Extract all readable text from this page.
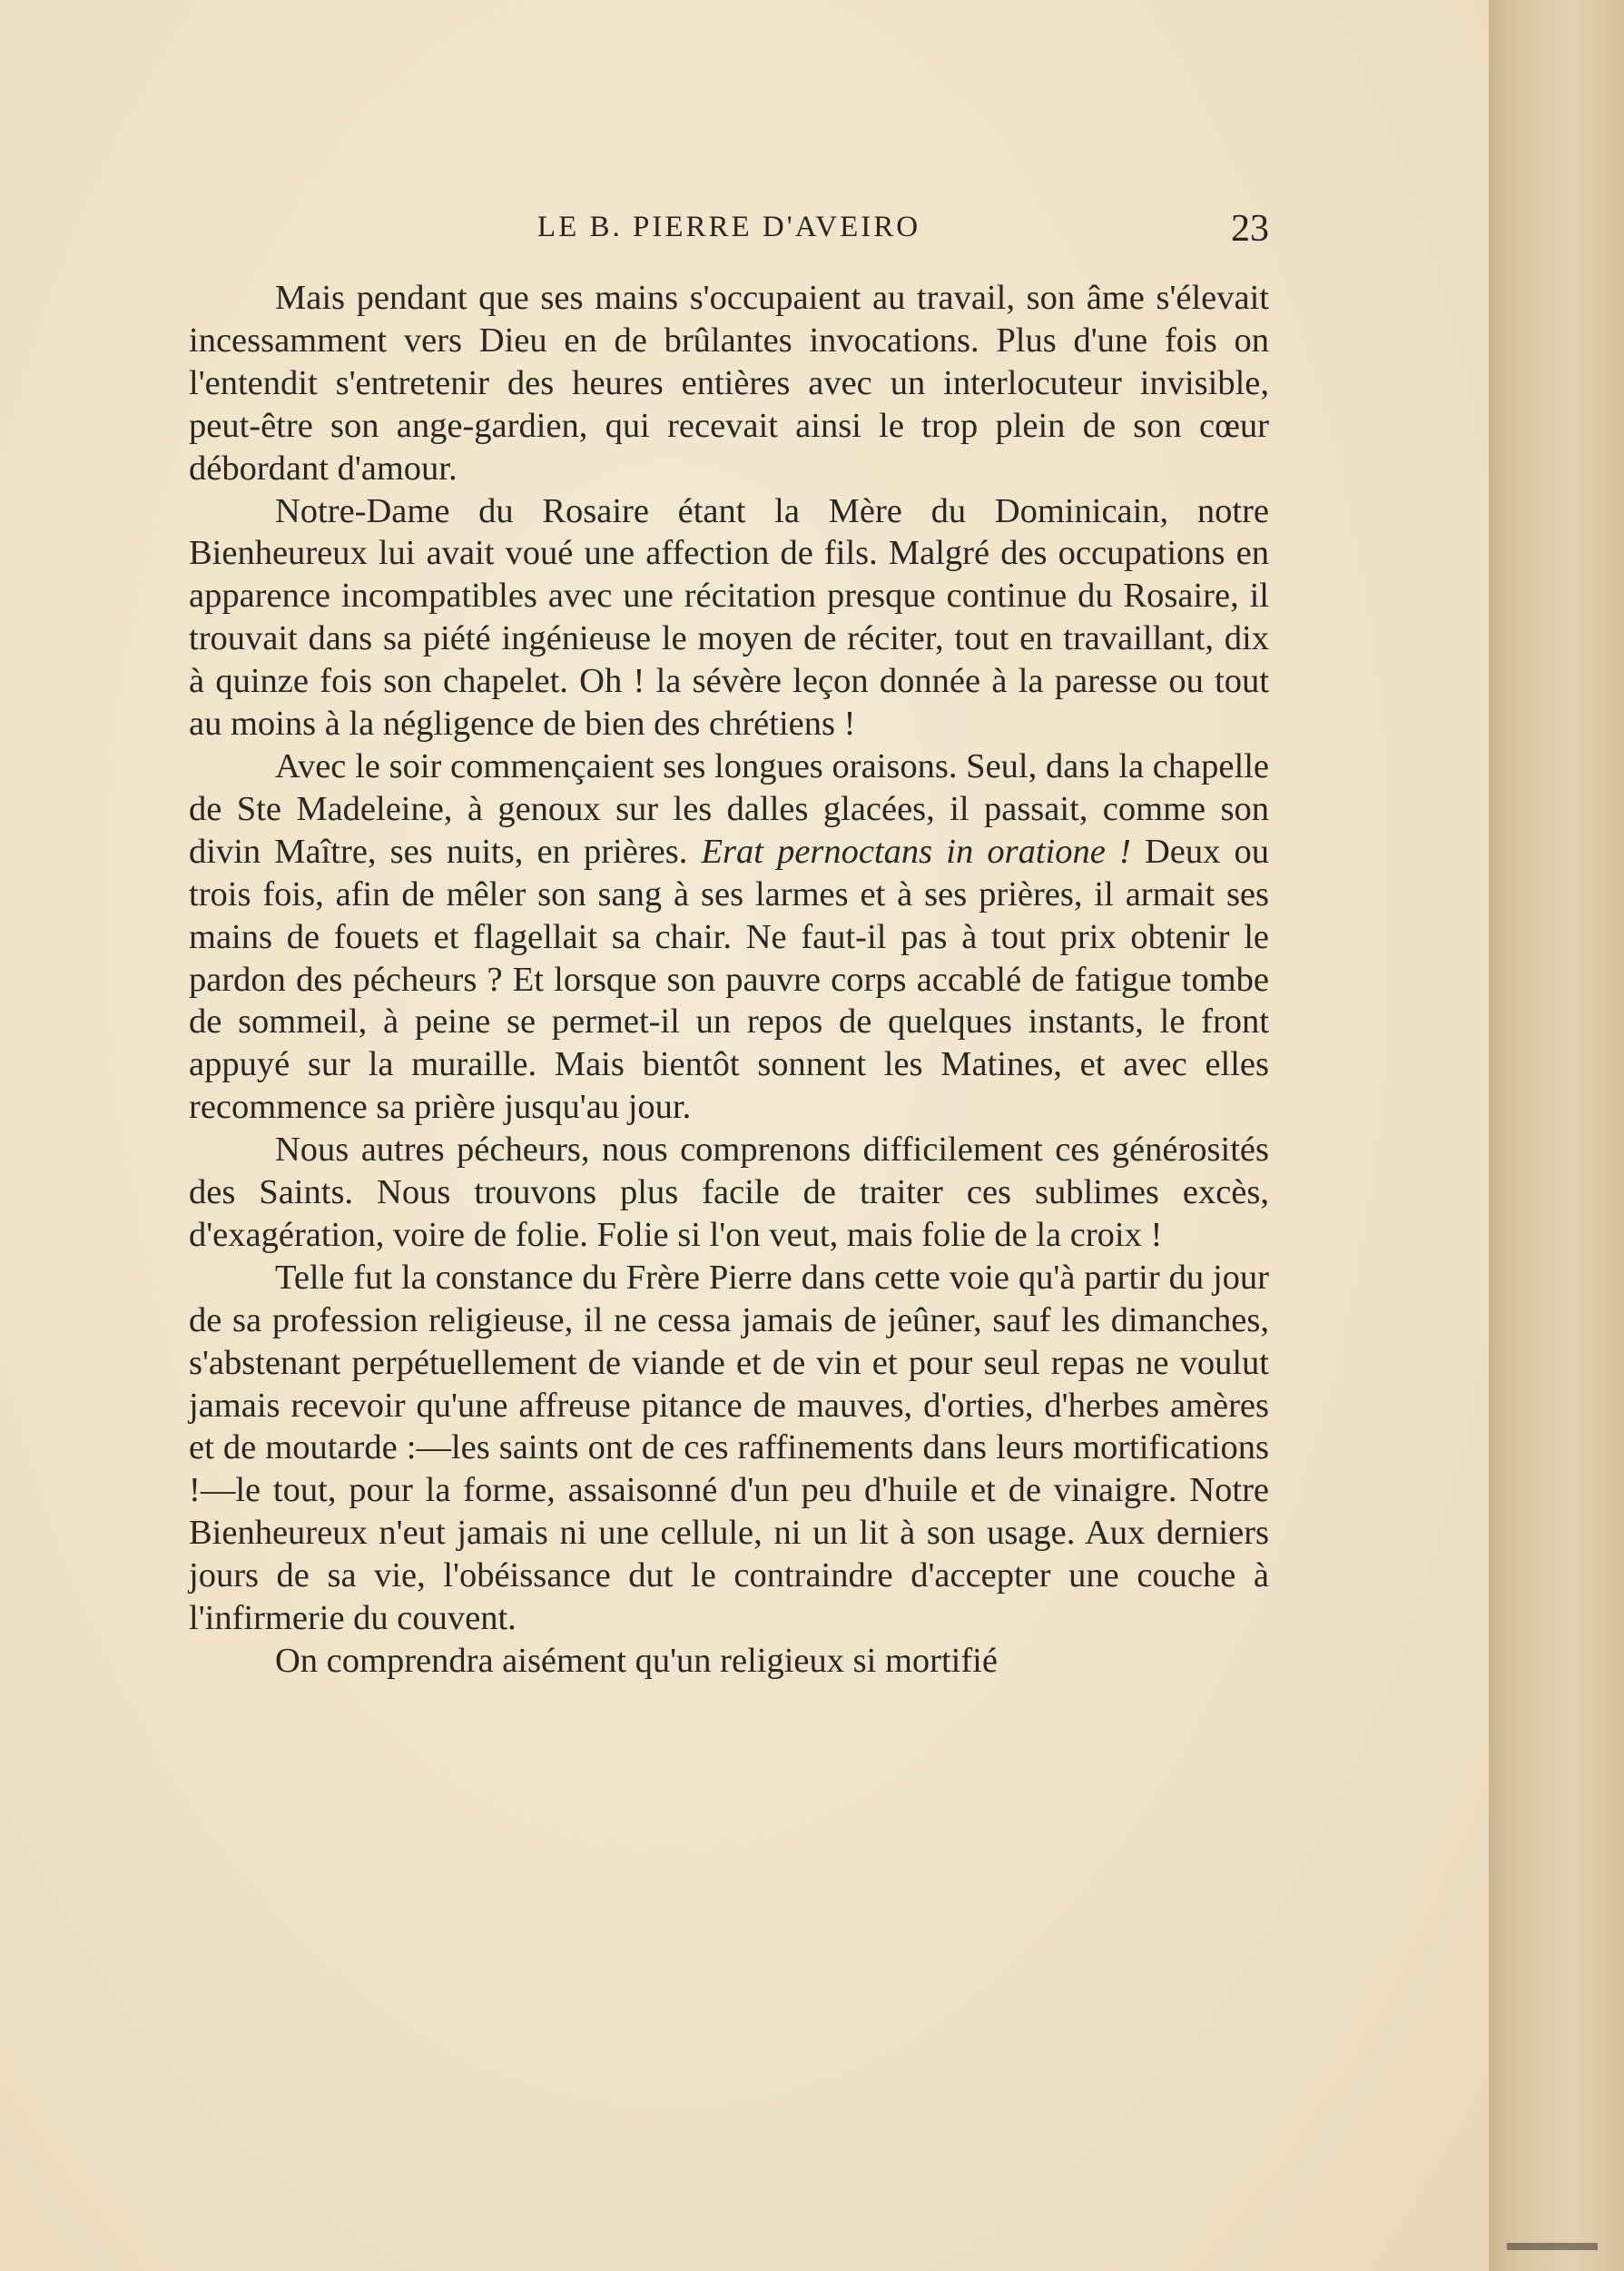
LE B. PIERRE D'AVEIRO	23

Mais pendant que ses mains s'occupaient au travail, son âme s'élevait incessamment vers Dieu en de brûlantes invocations. Plus d'une fois on l'entendit s'entretenir des heures entières avec un interlocuteur invisible, peut-être son ange-gardien, qui recevait ainsi le trop plein de son cœur débordant d'amour.

Notre-Dame du Rosaire étant la Mère du Dominicain, notre Bienheureux lui avait voué une affection de fils. Malgré des occupations en apparence incompatibles avec une récitation presque continue du Rosaire, il trouvait dans sa piété ingénieuse le moyen de réciter, tout en travaillant, dix à quinze fois son chapelet. Oh ! la sévère leçon donnée à la paresse ou tout au moins à la négligence de bien des chrétiens !

Avec le soir commençaient ses longues oraisons. Seul, dans la chapelle de Ste Madeleine, à genoux sur les dalles glacées, il passait, comme son divin Maître, ses nuits, en prières. Erat pernoctans in oratione ! Deux ou trois fois, afin de mêler son sang à ses larmes et à ses prières, il armait ses mains de fouets et flagellait sa chair. Ne faut-il pas à tout prix obtenir le pardon des pécheurs ? Et lorsque son pauvre corps accablé de fatigue tombe de sommeil, à peine se permet-il un repos de quelques instants, le front appuyé sur la muraille. Mais bientôt sonnent les Matines, et avec elles recommence sa prière jusqu'au jour.

Nous autres pécheurs, nous comprenons difficilement ces générosités des Saints. Nous trouvons plus facile de traiter ces sublimes excès, d'exagération, voire de folie. Folie si l'on veut, mais folie de la croix !

Telle fut la constance du Frère Pierre dans cette voie qu'à partir du jour de sa profession religieuse, il ne cessa jamais de jeûner, sauf les dimanches, s'abstenant perpétuellement de viande et de vin et pour seul repas ne voulut jamais recevoir qu'une affreuse pitance de mauves, d'orties, d'herbes amères et de moutarde :—les saints ont de ces raffinements dans leurs mortifications !—le tout, pour la forme, assaisonné d'un peu d'huile et de vinaigre. Notre Bienheureux n'eut jamais ni une cellule, ni un lit à son usage. Aux derniers jours de sa vie, l'obéissance dut le contraindre d'accepter une couche à l'infirmerie du couvent.

On comprendra aisément qu'un religieux si mortifié
